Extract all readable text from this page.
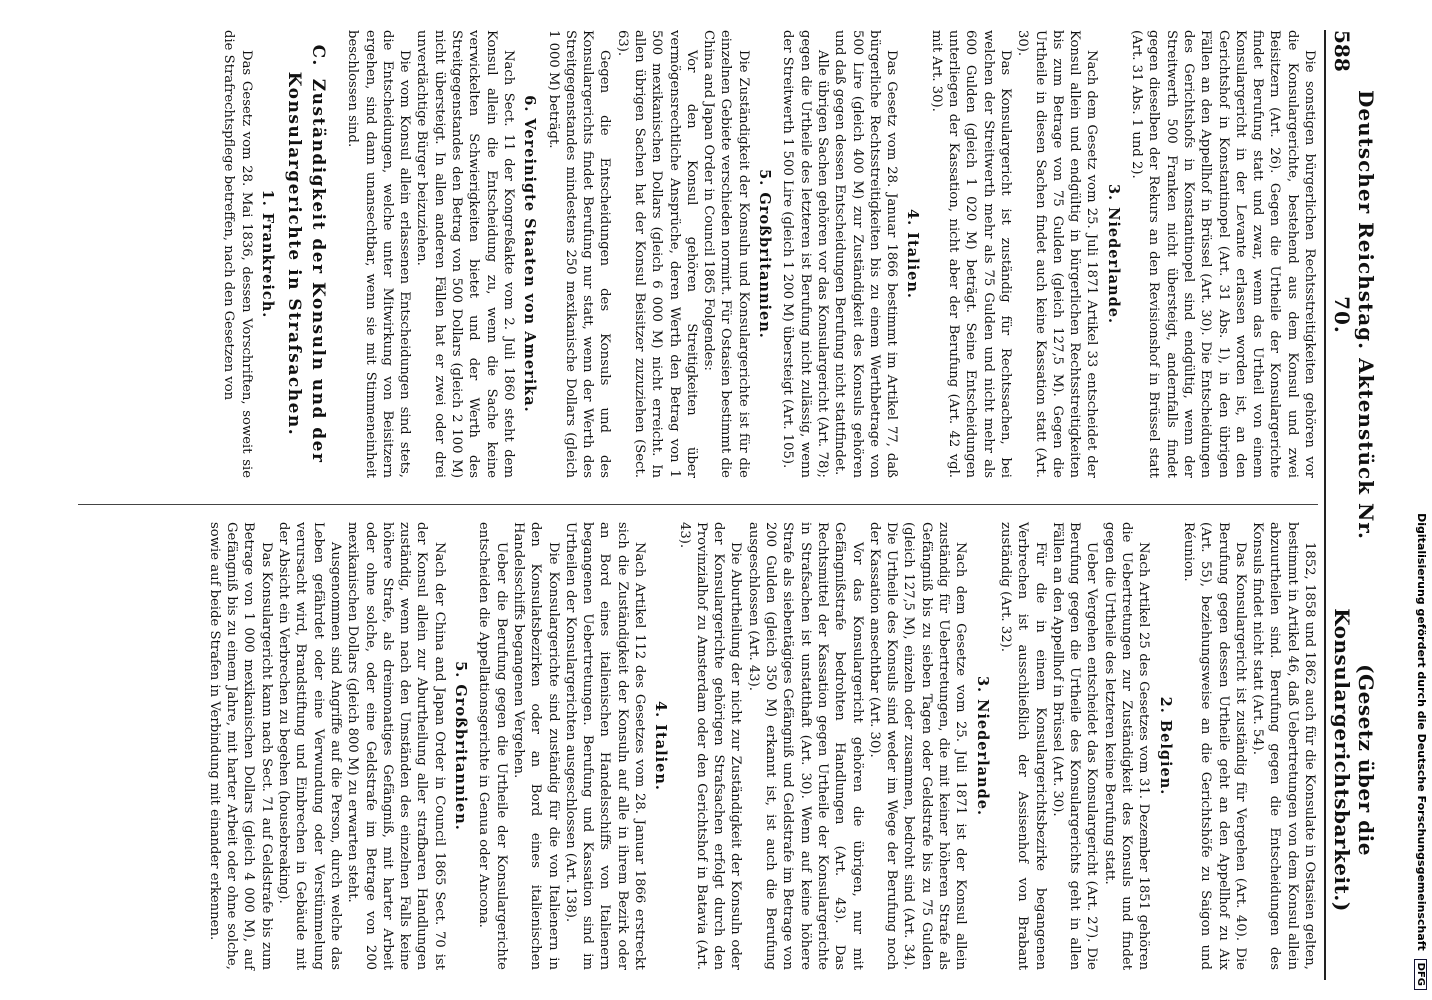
588
Deutscher Reichstag. Aktenstück Nr. 70.
(Gesetz über die Konsulargerichtsbarkeit.)

Die sonstigen bürgerlichen Rechtsstreitigkeiten gehören vor die Konsulargerichte, bestehend aus dem Konsul und zwei Beisitzern (Art. 26). Gegen die Urtheile der Konsulargerichte findet Berufung statt und zwar, wenn das Urtheil von einem Konsulargericht in der Levante erlassen worden ist, an den Gerichtshof in Konstantinopel (Art. 31 Abs. 1), in den übrigen Fällen an den Appellhof in Brüssel (Art. 30). Die Entscheidungen des Gerichtshofs in Konstantinopel sind endgültig, wenn der Streitwerth 500 Franken nicht übersteigt, andernfalls findet gegen dieselben der Rekurs an den Revisionshof in Brüssel statt (Art. 31 Abs. 1 und 2).

3. Niederlande.

Nach dem Gesetz vom 25. Juli 1871 Artikel 33 entscheidet der Konsul allein und endgültig in bürgerlichen Rechtsstreitigkeiten bis zum Betrage von 75 Gulden (gleich 127,5 M). Gegen die Urtheile in diesen Sachen findet auch keine Kassation statt (Art. 30).

Das Konsulargericht ist zuständig für Rechtssachen, bei welchen der Streitwerth mehr als 75 Gulden und nicht mehr als 600 Gulden (gleich 1 020 M) beträgt. Seine Entscheidungen unterliegen der Kassation, nicht aber der Berufung (Art. 42 vgl. mit Art. 30).

4. Italien.

Das Gesetz vom 28. Januar 1866 bestimmt im Artikel 77, daß bürgerliche Rechtsstreitigkeiten bis zu einem Werthbetrage von 500 Lire (gleich 400 M) zur Zuständigkeit des Konsuls gehören und daß gegen dessen Entscheidungen Berufung nicht stattfindet.

Alle übrigen Sachen gehören vor das Konsulargericht (Art. 78); gegen die Urtheile des letzteren ist Berufung nicht zulässig, wenn der Streitwerth 1 500 Lire (gleich 1 200 M) übersteigt (Art. 105).

5. Großbritannien.

Die Zuständigkeit der Konsuln und Konsulargerichte ist für die einzelnen Gebiete verschieden normirt. Für Ostasien bestimmt die China and Japan Order in Council 1865 Folgendes:

Vor den Konsul gehören Streitigkeiten über vermögensrechtliche Ansprüche, deren Werth den Betrag von 1 500 mexikanischen Dollars (gleich 6 000 M) nicht erreicht. In allen übrigen Sachen hat der Konsul Beisitzer zuzuziehen (Sect. 63).

Gegen die Entscheidungen des Konsuls und des Konsulargerichts findet Berufung nur statt, wenn der Werth des Streitgegenstandes mindestens 250 mexikanische Dollars (gleich 1 000 M) beträgt.

6. Vereinigte Staaten von Amerika.

Nach Sect. 11 der Kongreßakte vom 2. Juli 1860 steht dem Konsul allein die Entscheidung zu, wenn die Sache keine verwickelten Schwierigkeiten bietet und der Werth des Streitgegenstandes den Betrag von 500 Dollars (gleich 2 100 M) nicht übersteigt. In allen anderen Fällen hat er zwei oder drei unverdächtige Bürger beizuziehen.

Die vom Konsul allein erlassenen Entscheidungen sind stets, die Entscheidungen, welche unter Mitwirkung von Beisitzern ergehen, sind dann unansechtbar, wenn sie mit Stimmeneinheit beschlossen sind.

C.Zuständigkeit der Konsuln und der Konsulargerichte in Strafsachen.
1. Frankreich.

Das Gesetz vom 28. Mai 1836, dessen Vorschriften, soweit sie die Strafrechtspflege betreffen, nach den Gesetzen von

1852, 1858 und 1862 auch für die Konsulate in Ostasien gelten, bestimmt in Artikel 46, daß Uebertretungen von dem Konsul allein abzuurtheilen sind. Berufung gegen die Entscheidungen des Konsuls findet nicht statt (Art. 54).

Das Konsulargericht ist zuständig für Vergehen (Art. 40). Die Berufung gegen dessen Urtheile geht an den Appellhof zu Aix (Art. 55), beziehungsweise an die Gerichtshöfe zu Saigon und Réunion.

2. Belgien.

Nach Artikel 25 des Gesetzes vom 31. Dezember 1851 gehören die Uebertretungen zur Zuständigkeit des Konsuls und findet gegen die Urtheile des letzteren keine Berufung statt.

Ueber Vergehen entscheidet das Konsulargericht (Art. 27). Die Berufung gegen die Urtheile des Konsulargerichts geht in allen Fällen an den Appellhof in Brüssel (Art. 30).

Für die in einem Konsulargerichtsbezirke begangenen Verbrechen ist ausschließlich der Assisenhof von Brabant zuständig (Art. 32).

3. Niederlande.

Nach dem Gesetze vom 25. Juli 1871 ist der Konsul allein zuständig für Uebertretungen, die mit keiner höheren Strafe als Gefängniß bis zu sieben Tagen oder Geldstrafe bis zu 75 Gulden (gleich 127,5 M), einzeln oder zusammen, bedroht sind (Art. 34). Die Urtheile des Konsuls sind weder im Wege der Berufung noch der Kassation ansechtbar (Art. 30).

Vor das Konsulargericht gehören die übrigen, nur mit Gefängnißstrafe bedrohten Handlungen (Art. 43). Das Rechtsmittel der Kassation gegen Urtheile der Konsulargerichte in Strafsachen ist unstatthaft (Art. 30). Wenn auf keine höhere Strafe als siebentägiges Gefängniß und Geldstrafe im Betrage von 200 Gulden (gleich 350 M) erkannt ist, ist auch die Berufung ausgeschlossen (Art. 43).

Die Aburtheilung der nicht zur Zuständigkeit der Konsuln oder der Konsulargerichte gehörigen Strafsachen erfolgt durch den Provinzialhof zu Amsterdam oder den Gerichtshof in Batavia (Art. 43).

4. Italien.

Nach Artikel 112 des Gesetzes vom 28. Januar 1866 erstreckt sich die Zuständigkeit der Konsuln auf alle in ihrem Bezirk oder an Bord eines italienischen Handelsschiffs von Italienern begangenen Uebertretungen. Berufung und Kassation sind im Urtheilen der Konsulargerichten ausgeschlossen (Art. 138).

Die Konsulargerichte sind zuständig für die von Italienern in den Konsulatsbezirken oder an Bord eines italienischen Handelsschiffs begangenen Vergehen.

Ueber die Berufung gegen die Urtheile der Konsulargerichte entscheiden die Appellationsgerichte in Genua oder Ancona.

5. Großbritannien.

Nach der China and Japan Order in Council 1865 Sect. 70 ist der Konsul allein zur Aburtheilung aller strafbaren Handlungen zuständig, wenn nach den Umständen des einzelnen Falls keine höhere Strafe, als dreimonatiges Gefängniß, mit harter Arbeit oder ohne solche, oder eine Geldstrafe im Betrage von 200 mexikanischen Dollars (gleich 800 M) zu erwarten steht.

Ausgenommen sind Angriffe auf die Person, durch welche das Leben gefährdet oder eine Verwundung oder Verstümmelung verursacht wird, Brandstiftung und Einbrechen in Gebäude mit der Absicht ein Verbrechen zu begehen (housebreaking).

Das Konsulargericht kann nach Sect. 71 auf Geldstrafe bis zum Betrage von 1 000 mexikanischen Dollars (gleich 4 000 M), auf Gefängniß bis zu einem Jahre, mit harter Arbeit oder ohne solche, sowie auf beide Strafen in Verbindung mit einander erkennen.	Digitalisierung gefördert durch die Deutsche Forschungsgemeinschaft DFG
